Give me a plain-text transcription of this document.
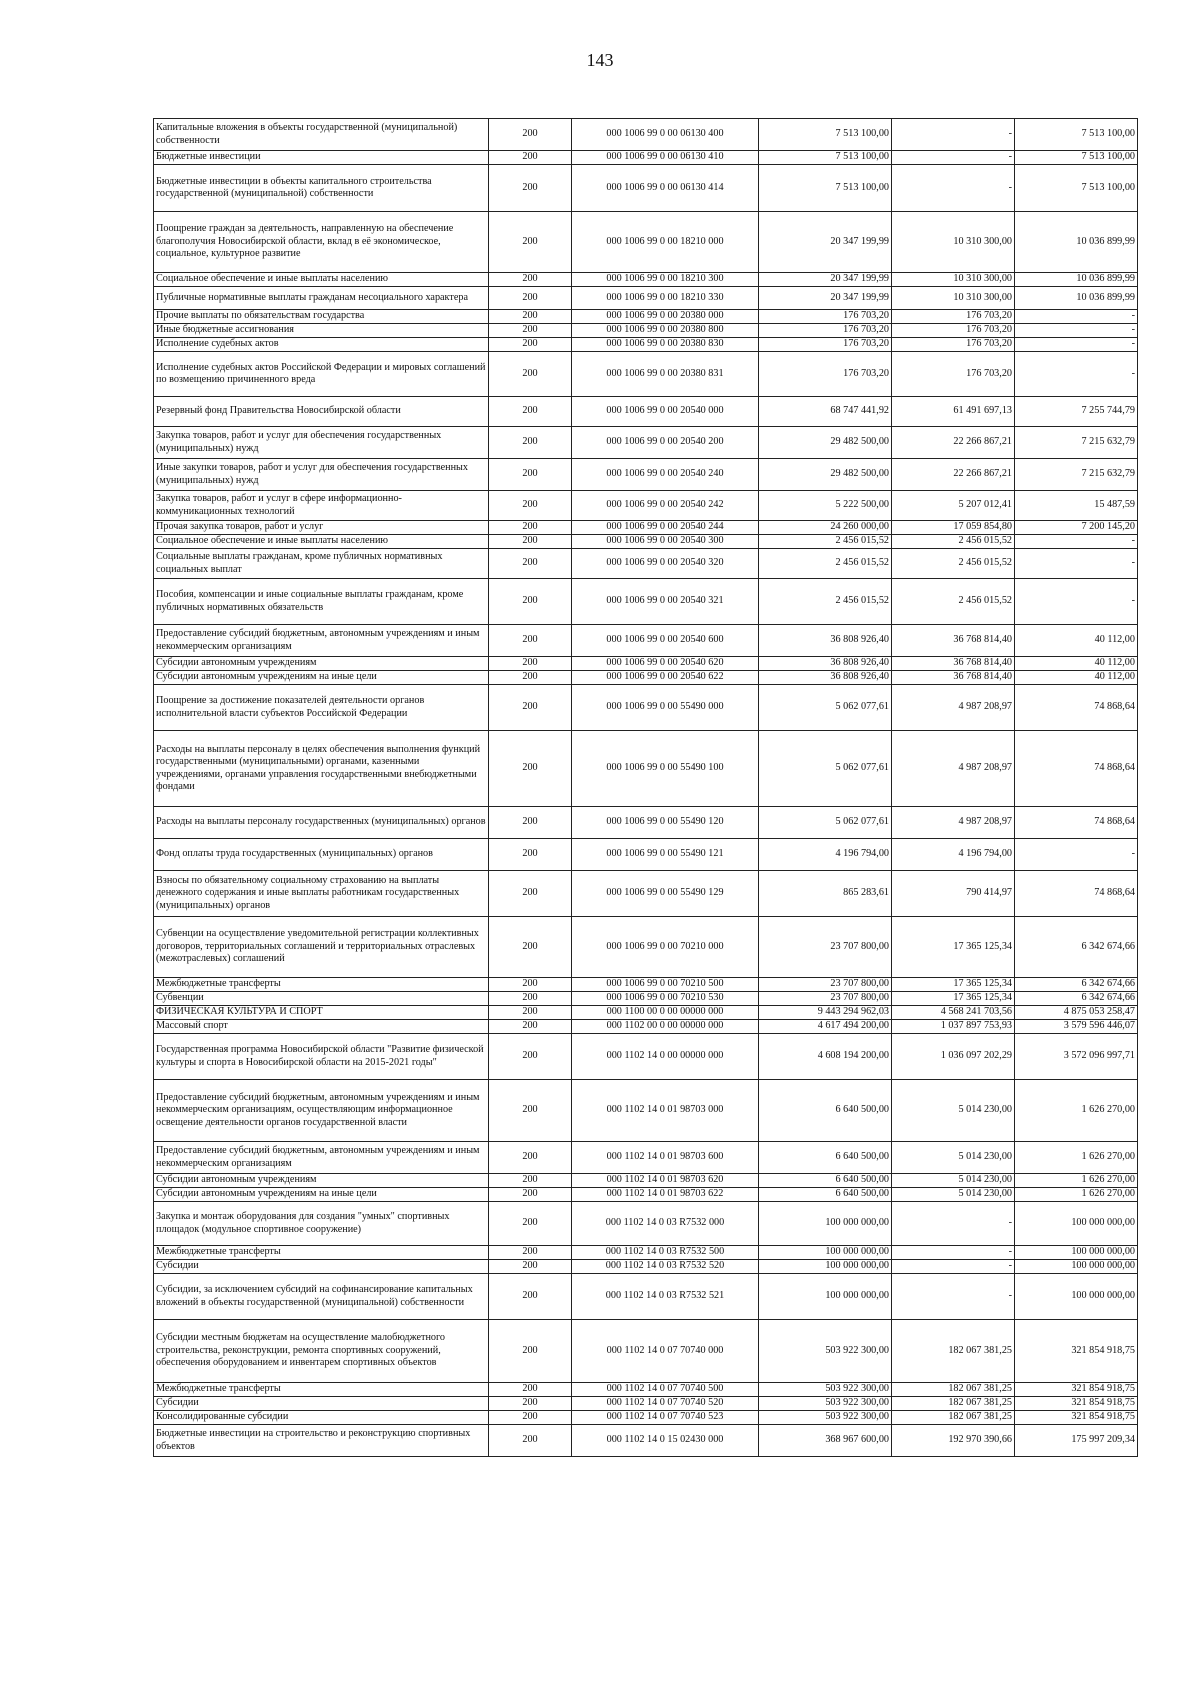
143
Капитальные вложения в объекты государственной (муниципальной) собственности	200	000 1006 99 0 00 06130 400	7 513 100,00	-	7 513 100,00
Бюджетные инвестиции	200	000 1006 99 0 00 06130 410	7 513 100,00	-	7 513 100,00
Бюджетные инвестиции в объекты капитального строительства государственной (муниципальной) собственности	200	000 1006 99 0 00 06130 414	7 513 100,00	-	7 513 100,00
Поощрение граждан за деятельность, направленную на обеспечение благополучия Новосибирской области, вклад в её экономическое, социальное, культурное развитие	200	000 1006 99 0 00 18210 000	20 347 199,99	10 310 300,00	10 036 899,99
Социальное обеспечение и иные выплаты населению	200	000 1006 99 0 00 18210 300	20 347 199,99	10 310 300,00	10 036 899,99
Публичные нормативные выплаты гражданам несоциального характера	200	000 1006 99 0 00 18210 330	20 347 199,99	10 310 300,00	10 036 899,99
Прочие выплаты по обязательствам государства	200	000 1006 99 0 00 20380 000	176 703,20	176 703,20	-
Иные бюджетные ассигнования	200	000 1006 99 0 00 20380 800	176 703,20	176 703,20	-
Исполнение судебных актов	200	000 1006 99 0 00 20380 830	176 703,20	176 703,20	-
Исполнение судебных актов Российской Федерации и мировых соглашений по возмещению причиненного вреда	200	000 1006 99 0 00 20380 831	176 703,20	176 703,20	-
Резервный фонд Правительства Новосибирской области	200	000 1006 99 0 00 20540 000	68 747 441,92	61 491 697,13	7 255 744,79
Закупка товаров, работ и услуг для обеспечения государственных (муниципальных) нужд	200	000 1006 99 0 00 20540 200	29 482 500,00	22 266 867,21	7 215 632,79
Иные закупки товаров, работ и услуг для обеспечения государственных (муниципальных) нужд	200	000 1006 99 0 00 20540 240	29 482 500,00	22 266 867,21	7 215 632,79
Закупка товаров, работ и услуг в сфере информационно-коммуникационных технологий	200	000 1006 99 0 00 20540 242	5 222 500,00	5 207 012,41	15 487,59
Прочая закупка товаров, работ и услуг	200	000 1006 99 0 00 20540 244	24 260 000,00	17 059 854,80	7 200 145,20
Социальное обеспечение и иные выплаты населению	200	000 1006 99 0 00 20540 300	2 456 015,52	2 456 015,52	-
Социальные выплаты гражданам, кроме публичных нормативных социальных выплат	200	000 1006 99 0 00 20540 320	2 456 015,52	2 456 015,52	-
Пособия, компенсации и иные социальные выплаты гражданам, кроме публичных нормативных обязательств	200	000 1006 99 0 00 20540 321	2 456 015,52	2 456 015,52	-
Предоставление субсидий бюджетным, автономным учреждениям и иным некоммерческим организациям	200	000 1006 99 0 00 20540 600	36 808 926,40	36 768 814,40	40 112,00
Субсидии автономным учреждениям	200	000 1006 99 0 00 20540 620	36 808 926,40	36 768 814,40	40 112,00
Субсидии автономным учреждениям на иные цели	200	000 1006 99 0 00 20540 622	36 808 926,40	36 768 814,40	40 112,00
Поощрение за достижение показателей деятельности органов исполнительной власти субъектов Российской Федерации	200	000 1006 99 0 00 55490 000	5 062 077,61	4 987 208,97	74 868,64
Расходы на выплаты персоналу в целях обеспечения выполнения функций государственными (муниципальными) органами, казенными учреждениями, органами управления государственными внебюджетными фондами	200	000 1006 99 0 00 55490 100	5 062 077,61	4 987 208,97	74 868,64
Расходы на выплаты персоналу государственных (муниципальных) органов	200	000 1006 99 0 00 55490 120	5 062 077,61	4 987 208,97	74 868,64
Фонд оплаты труда государственных (муниципальных) органов	200	000 1006 99 0 00 55490 121	4 196 794,00	4 196 794,00	-
Взносы по обязательному социальному страхованию на выплаты денежного содержания и иные выплаты работникам государственных (муниципальных) органов	200	000 1006 99 0 00 55490 129	865 283,61	790 414,97	74 868,64
Субвенции на осуществление уведомительной регистрации коллективных договоров, территориальных соглашений и территориальных отраслевых (межотраслевых) соглашений	200	000 1006 99 0 00 70210 000	23 707 800,00	17 365 125,34	6 342 674,66
Межбюджетные трансферты	200	000 1006 99 0 00 70210 500	23 707 800,00	17 365 125,34	6 342 674,66
Субвенции	200	000 1006 99 0 00 70210 530	23 707 800,00	17 365 125,34	6 342 674,66
ФИЗИЧЕСКАЯ КУЛЬТУРА И СПОРТ	200	000 1100 00 0 00 00000 000	9 443 294 962,03	4 568 241 703,56	4 875 053 258,47
Массовый спорт	200	000 1102 00 0 00 00000 000	4 617 494 200,00	1 037 897 753,93	3 579 596 446,07
Государственная программа Новосибирской области "Развитие физической культуры и спорта в Новосибирской области на 2015-2021 годы"	200	000 1102 14 0 00 00000 000	4 608 194 200,00	1 036 097 202,29	3 572 096 997,71
Предоставление субсидий бюджетным, автономным учреждениям и иным некоммерческим организациям, осуществляющим информационное освещение деятельности органов государственной власти	200	000 1102 14 0 01 98703 000	6 640 500,00	5 014 230,00	1 626 270,00
Предоставление субсидий бюджетным, автономным учреждениям и иным некоммерческим организациям	200	000 1102 14 0 01 98703 600	6 640 500,00	5 014 230,00	1 626 270,00
Субсидии автономным учреждениям	200	000 1102 14 0 01 98703 620	6 640 500,00	5 014 230,00	1 626 270,00
Субсидии автономным учреждениям на иные цели	200	000 1102 14 0 01 98703 622	6 640 500,00	5 014 230,00	1 626 270,00
Закупка и монтаж оборудования для создания "умных" спортивных площадок (модульное спортивное сооружение)	200	000 1102 14 0 03 R7532 000	100 000 000,00	-	100 000 000,00
Межбюджетные трансферты	200	000 1102 14 0 03 R7532 500	100 000 000,00	-	100 000 000,00
Субсидии	200	000 1102 14 0 03 R7532 520	100 000 000,00	-	100 000 000,00
Субсидии, за исключением субсидий на софинансирование капитальных вложений в объекты государственной (муниципальной) собственности	200	000 1102 14 0 03 R7532 521	100 000 000,00	-	100 000 000,00
Субсидии местным бюджетам на осуществление малобюджетного строительства, реконструкции, ремонта спортивных сооружений, обеспечения оборудованием и инвентарем спортивных объектов	200	000 1102 14 0 07 70740 000	503 922 300,00	182 067 381,25	321 854 918,75
Межбюджетные трансферты	200	000 1102 14 0 07 70740 500	503 922 300,00	182 067 381,25	321 854 918,75
Субсидии	200	000 1102 14 0 07 70740 520	503 922 300,00	182 067 381,25	321 854 918,75
Консолидированные субсидии	200	000 1102 14 0 07 70740 523	503 922 300,00	182 067 381,25	321 854 918,75
Бюджетные инвестиции на строительство и реконструкцию спортивных объектов	200	000 1102 14 0 15 02430 000	368 967 600,00	192 970 390,66	175 997 209,34
